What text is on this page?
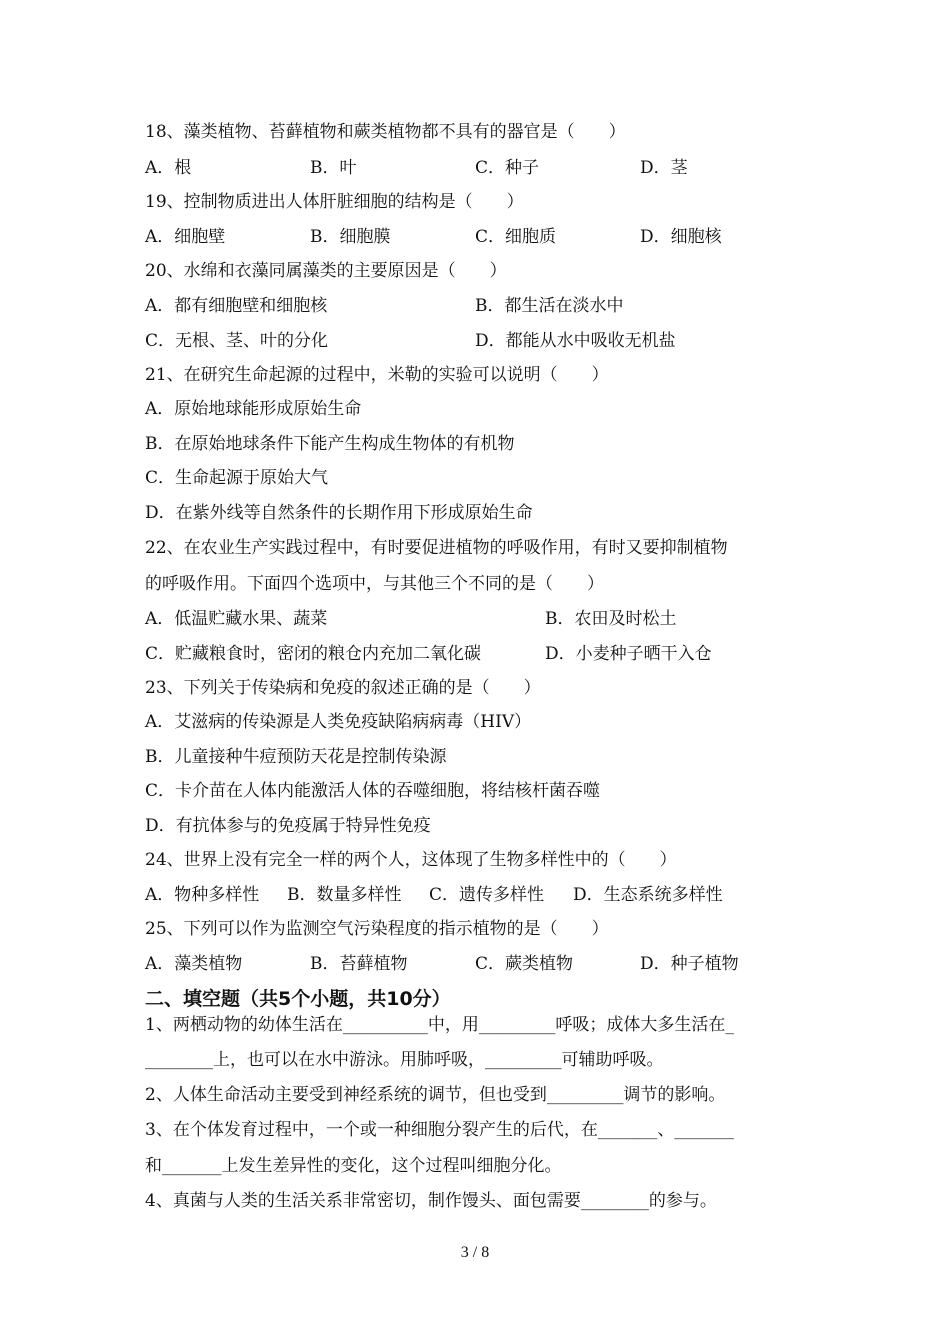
18、藻类植物、苔藓植物和蕨类植物都不具有的器官是（　　）
A．根	B．叶	C．种子	D．茎
19、控制物质进出人体肝脏细胞的结构是（　　）
A．细胞壁	B．细胞膜	C．细胞质	D．细胞核
20、水绵和衣藻同属藻类的主要原因是（　　）
A．都有细胞壁和细胞核	B．都生活在淡水中
C．无根、茎、叶的分化	D．都能从水中吸收无机盐
21、在研究生命起源的过程中，米勒的实验可以说明（　　）
A．原始地球能形成原始生命
B．在原始地球条件下能产生构成生物体的有机物
C．生命起源于原始大气
D．在紫外线等自然条件的长期作用下形成原始生命
22、在农业生产实践过程中，有时要促进植物的呼吸作用，有时又要抑制植物
的呼吸作用。下面四个选项中，与其他三个不同的是（　　）
A．低温贮藏水果、蔬菜	B．农田及时松土
C．贮藏粮食时，密闭的粮仓内充加二氧化碳	D．小麦种子晒干入仓
23、下列关于传染病和免疫的叙述正确的是（　　）
A．艾滋病的传染源是人类免疫缺陷病病毒（HIV）
B．儿童接种牛痘预防天花是控制传染源
C．卡介苗在人体内能激活人体的吞噬细胞，将结核杆菌吞噬
D．有抗体参与的免疫属于特异性免疫
24、世界上没有完全一样的两个人，这体现了生物多样性中的（　　）
A．物种多样性 B．数量多样性 C．遗传多样性 D．生态系统多样性
25、下列可以作为监测空气污染程度的指示植物的是（　　）
A．藻类植物	B．苔藓植物	C．蕨类植物	D．种子植物
二、填空题（共5个小题，共10分）
1、两栖动物的幼体生活在__________中，用_________呼吸；成体大多生活在_
________上，也可以在水中游泳。用肺呼吸，_________可辅助呼吸。
2、人体生命活动主要受到神经系统的调节，但也受到_________调节的影响。
3、在个体发育过程中，一个或一种细胞分裂产生的后代，在_______、_______
和_______上发生差异性的变化，这个过程叫细胞分化。
4、真菌与人类的生活关系非常密切，制作馒头、面包需要________的参与。
3 / 8
